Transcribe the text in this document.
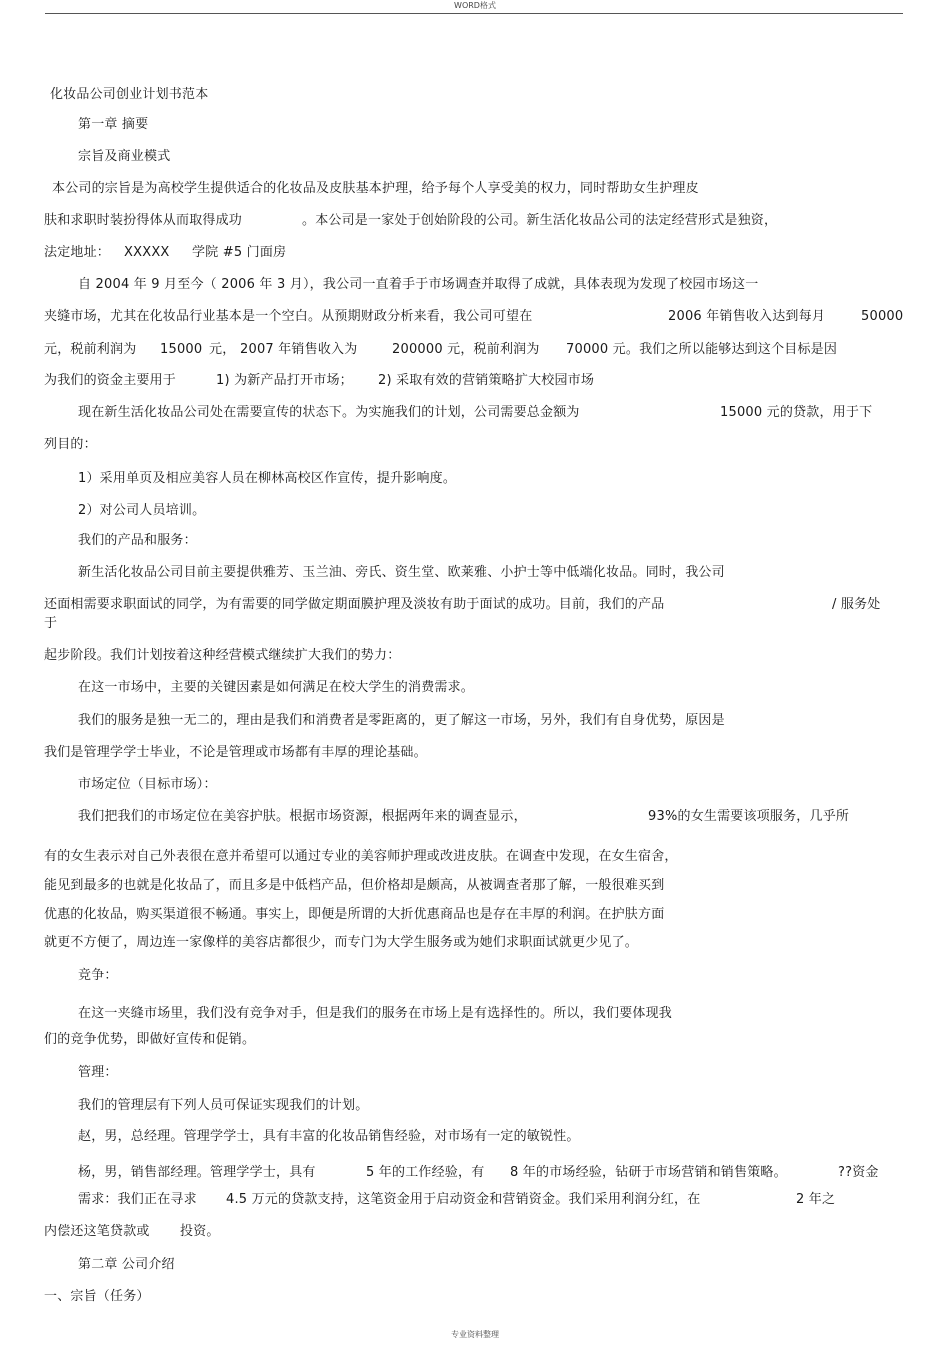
WORD格式
化妆品公司创业计划书范本
第一章 摘要
宗旨及商业模式
本公司的宗旨是为高校学生提供适合的化妆品及皮肤基本护理，给予每个人享受美的权力，同时帮助女生护理皮
肤和求职时装扮得体从而取得成功	。本公司是一家处于创始阶段的公司。新生活化妆品公司的法定经营形式是独资，
法定地址： XXXXX 学院 #5 门面房
自 2004 年 9 月至今（ 2006 年 3 月），我公司一直着手于市场调查并取得了成就，具体表现为发现了校园市场这一
夹缝市场，尤其在化妆品行业基本是一个空白。从预期财政分析来看，我公司可望在	2006 年销售收入达到每月	50000
元，税前利润为 15000 元， 2007 年销售收入为	200000 元，税前利润为 70000 元。我们之所以能够达到这个目标是因
为我们的资金主要用于	1) 为新产品打开市场； 2) 采取有效的营销策略扩大校园市场
现在新生活化妆品公司处在需要宣传的状态下。为实施我们的计划，公司需要总金额为	15000 元的贷款，用于下
列目的：
1）采用单页及相应美容人员在柳林高校区作宣传，提升影响度。
2）对公司人员培训。
我们的产品和服务：
新生活化妆品公司目前主要提供雅芳、玉兰油、旁氏、资生堂、欧莱雅、小护士等中低端化妆品。同时，我公司
还面相需要求职面试的同学，为有需要的同学做定期面膜护理及淡妆有助于面试的成功。目前，我们的产品	/ 服务处
于
起步阶段。我们计划按着这种经营模式继续扩大我们的势力：
在这一市场中，主要的关键因素是如何满足在校大学生的消费需求。
我们的服务是独一无二的，理由是我们和消费者是零距离的，更了解这一市场，另外，我们有自身优势，原因是
我们是管理学学士毕业，不论是管理或市场都有丰厚的理论基础。
市场定位（目标市场）：
我们把我们的市场定位在美容护肤。根据市场资源，根据两年来的调查显示，	93%的女生需要该项服务，几乎所
有的女生表示对自己外表很在意并希望可以通过专业的美容师护理或改进皮肤。在调查中发现，在女生宿舍，
能见到最多的也就是化妆品了，而且多是中低档产品，但价格却是颇高，从被调查者那了解，一般很难买到
优惠的化妆品，购买渠道很不畅通。事实上，即便是所谓的大折优惠商品也是存在丰厚的利润。在护肤方面
就更不方便了，周边连一家像样的美容店都很少，而专门为大学生服务或为她们求职面试就更少见了。
竞争：
在这一夹缝市场里，我们没有竞争对手，但是我们的服务在市场上是有选择性的。所以，我们要体现我
们的竞争优势，即做好宣传和促销。
管理：
我们的管理层有下列人员可保证实现我们的计划。
赵，男，总经理。管理学学士，具有丰富的化妆品销售经验，对市场有一定的敏锐性。
杨，男，销售部经理。管理学学士，具有	5 年的工作经验，有 8 年的市场经验，钻研于市场营销和销售策略。	??资金
需求：我们正在寻求 4.5 万元的贷款支持，这笔资金用于启动资金和营销资金。我们采用利润分红，在	2 年之
内偿还这笔贷款或 投资。
第二章 公司介绍
一、宗旨（任务）
专业资料整理
